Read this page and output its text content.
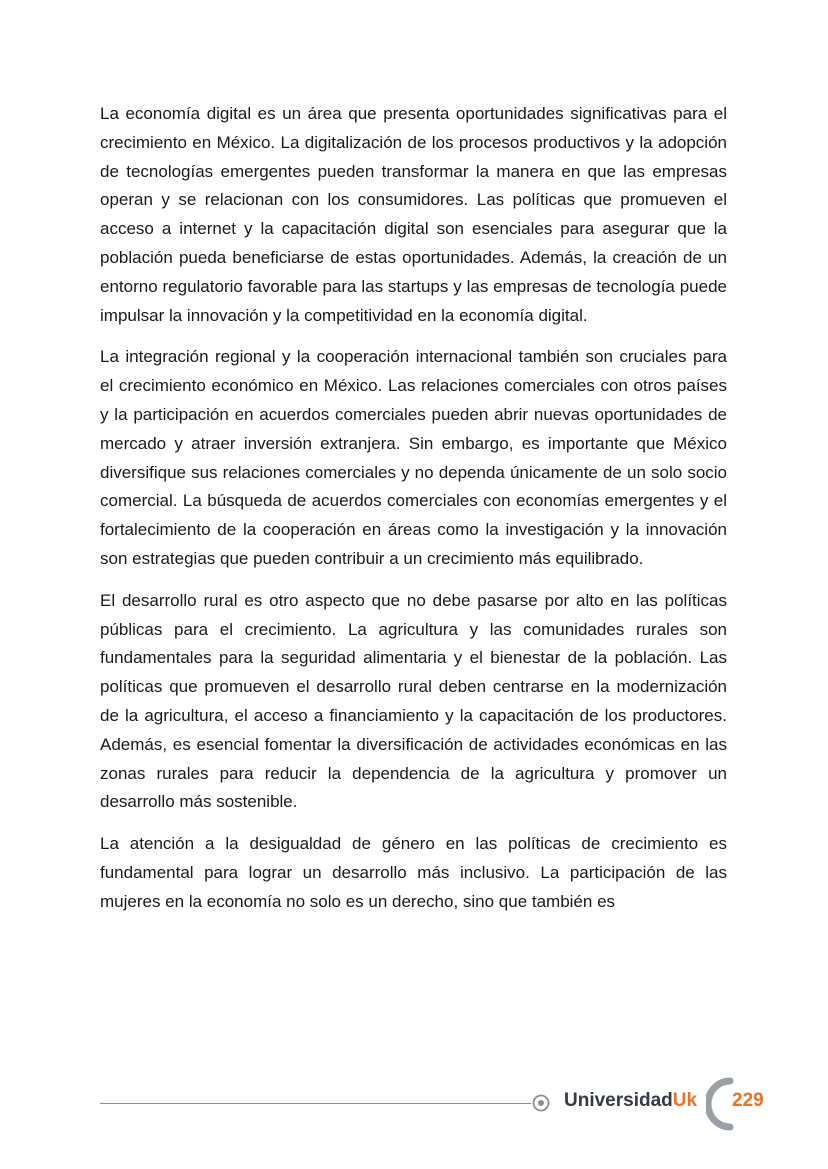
La economía digital es un área que presenta oportunidades significativas para el crecimiento en México. La digitalización de los procesos productivos y la adopción de tecnologías emergentes pueden transformar la manera en que las empresas operan y se relacionan con los consumidores. Las políticas que promueven el acceso a internet y la capacitación digital son esenciales para asegurar que la población pueda beneficiarse de estas oportunidades. Además, la creación de un entorno regulatorio favorable para las startups y las empresas de tecnología puede impulsar la innovación y la competitividad en la economía digital.

La integración regional y la cooperación internacional también son cruciales para el crecimiento económico en México. Las relaciones comerciales con otros países y la participación en acuerdos comerciales pueden abrir nuevas oportunidades de mercado y atraer inversión extranjera. Sin embargo, es importante que México diversifique sus relaciones comerciales y no dependa únicamente de un solo socio comercial. La búsqueda de acuerdos comerciales con economías emergentes y el fortalecimiento de la cooperación en áreas como la investigación y la innovación son estrategias que pueden contribuir a un crecimiento más equilibrado.

El desarrollo rural es otro aspecto que no debe pasarse por alto en las políticas públicas para el crecimiento. La agricultura y las comunidades rurales son fundamentales para la seguridad alimentaria y el bienestar de la población. Las políticas que promueven el desarrollo rural deben centrarse en la modernización de la agricultura, el acceso a financiamiento y la capacitación de los productores. Además, es esencial fomentar la diversificación de actividades económicas en las zonas rurales para reducir la dependencia de la agricultura y promover un desarrollo más sostenible.

La atención a la desigualdad de género en las políticas de crecimiento es fundamental para lograr un desarrollo más inclusivo. La participación de las mujeres en la economía no solo es un derecho, sino que también es

UniversidadUk 229
